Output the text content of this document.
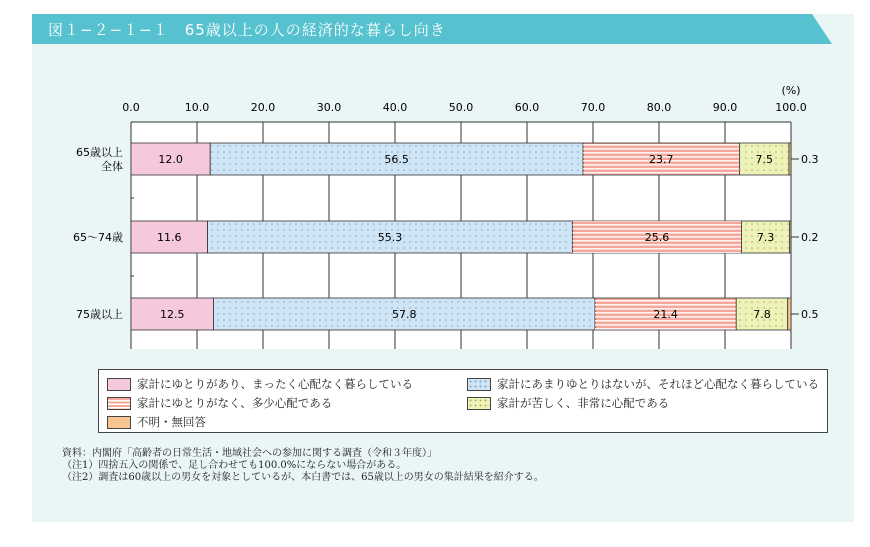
図１−２−１−１　65歳以上の人の経済的な暮らし向き
12.0	56.5	23.7	7.5	0.3
11.6	55.3	25.6	7.3 0.2
12.5	57.8	21.4	7.8	0.5
0.0	10.0	20.0	30.0	40.0	50.0	60.0	70.0	80.0	90.0	100.0
65歳以上全体
65〜74歳
75歳以上
(%)
家計にゆとりがあり、まったく心配なく暮らしている	家計にあまりゆとりはないが、それほど心配なく暮らしている
家計にゆとりがなく、多少心配である	家計が苦しく、非常に心配である
不明・無回答
資料：内閣府「高齢者の日常生活・地域社会への参加に関する調査（令和３年度）」
（注1）四捨五入の関係で、足し合わせても100.0%にならない場合がある。
（注2）調査は60歳以上の男女を対象としているが、本白書では、65歳以上の男女の集計結果を紹介する。
